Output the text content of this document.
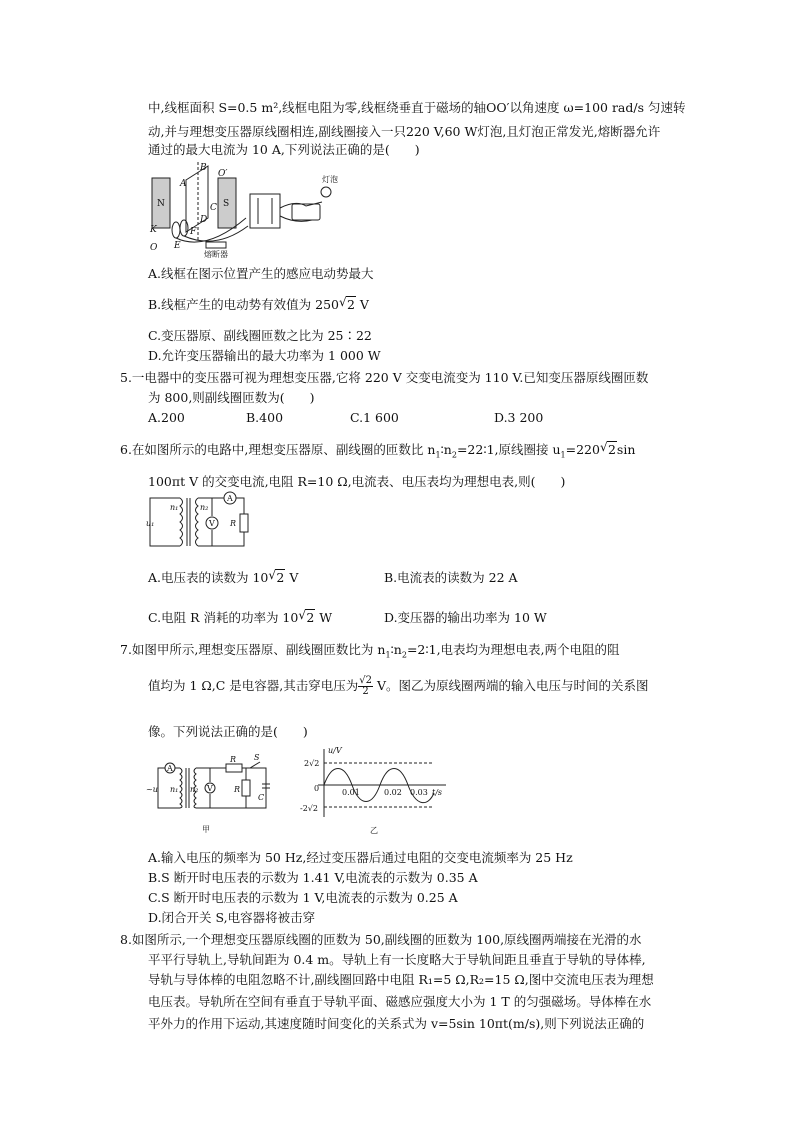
中,线框面积 S=0.5 m²,线框电阻为零,线框绕垂直于磁场的轴OO′以角速度 ω=100 rad/s 匀速转
动,并与理想变压器原线圈相连,副线圈接入一只220 V,60 W灯泡,且灯泡正常发光,熔断器允许
通过的最大电流为 10 A,下列说法正确的是(　　)
B
O′
A
N	S
C
D
F
K
E
O
熔断器
灯泡
A.线框在图示位置产生的感应电动势最大
B.线框产生的电动势有效值为 250√ 2 V
C.变压器原、副线圈匝数之比为 25∶22
D.允许变压器输出的最大功率为 1 000 W
5.一电器中的变压器可视为理想变压器,它将 220 V 交变电流变为 110 V.已知变压器原线圈匝数
为 800,则副线圈匝数为(　　)
A.200	B.400	C.1 600	D.3 200
6.在如图所示的电路中,理想变压器原、副线圈的匝数比 $n_1∶n_2=22∶1$,原线圈接 $u_1=220√$ 2sin
100πt V 的交变电流,电阻 R=10 Ω,电流表、电压表均为理想电表,则(　　)
n₁	n₂
u₁
A
V R
A.电压表的读数为 10√ 2 V	B.电流表的读数为 22 A
C.电阻 R 消耗的功率为 10√ 2 W	D.变压器的输出功率为 10 W
7.如图甲所示,理想变压器原、副线圈匝数比为 $n_1∶n_2=2∶1$,电表均为理想电表,两个电阻的阻
值均为 1 Ω,C 是电容器,其击穿电压为 $\frac{√2}{2}$ V。图乙为原线圈两端的输入电压与时间的关系图
像。下列说法正确的是(　　)
A
~u n₁ n₂ V
R S
R
C
甲
u/V
2√2
0
-2√2
0.01	0.02 0.03 t/s
乙
A.输入电压的频率为 50 Hz,经过变压器后通过电阻的交变电流频率为 25 Hz
B.S 断开时电压表的示数为 1.41 V,电流表的示数为 0.35 A
C.S 断开时电压表的示数为 1 V,电流表的示数为 0.25 A
D.闭合开关 S,电容器将被击穿
8.如图所示,一个理想变压器原线圈的匝数为 50,副线圈的匝数为 100,原线圈两端接在光滑的水
平平行导轨上,导轨间距为 0.4 m。导轨上有一长度略大于导轨间距且垂直于导轨的导体棒,
导轨与导体棒的电阻忽略不计,副线圈回路中电阻 R₁=5 Ω,R₂=15 Ω,图中交流电压表为理想
电压表。导轨所在空间有垂直于导轨平面、磁感应强度大小为 1 T 的匀强磁场。导体棒在水
平外力的作用下运动,其速度随时间变化的关系式为 v=5sin 10πt(m/s),则下列说法正确的
